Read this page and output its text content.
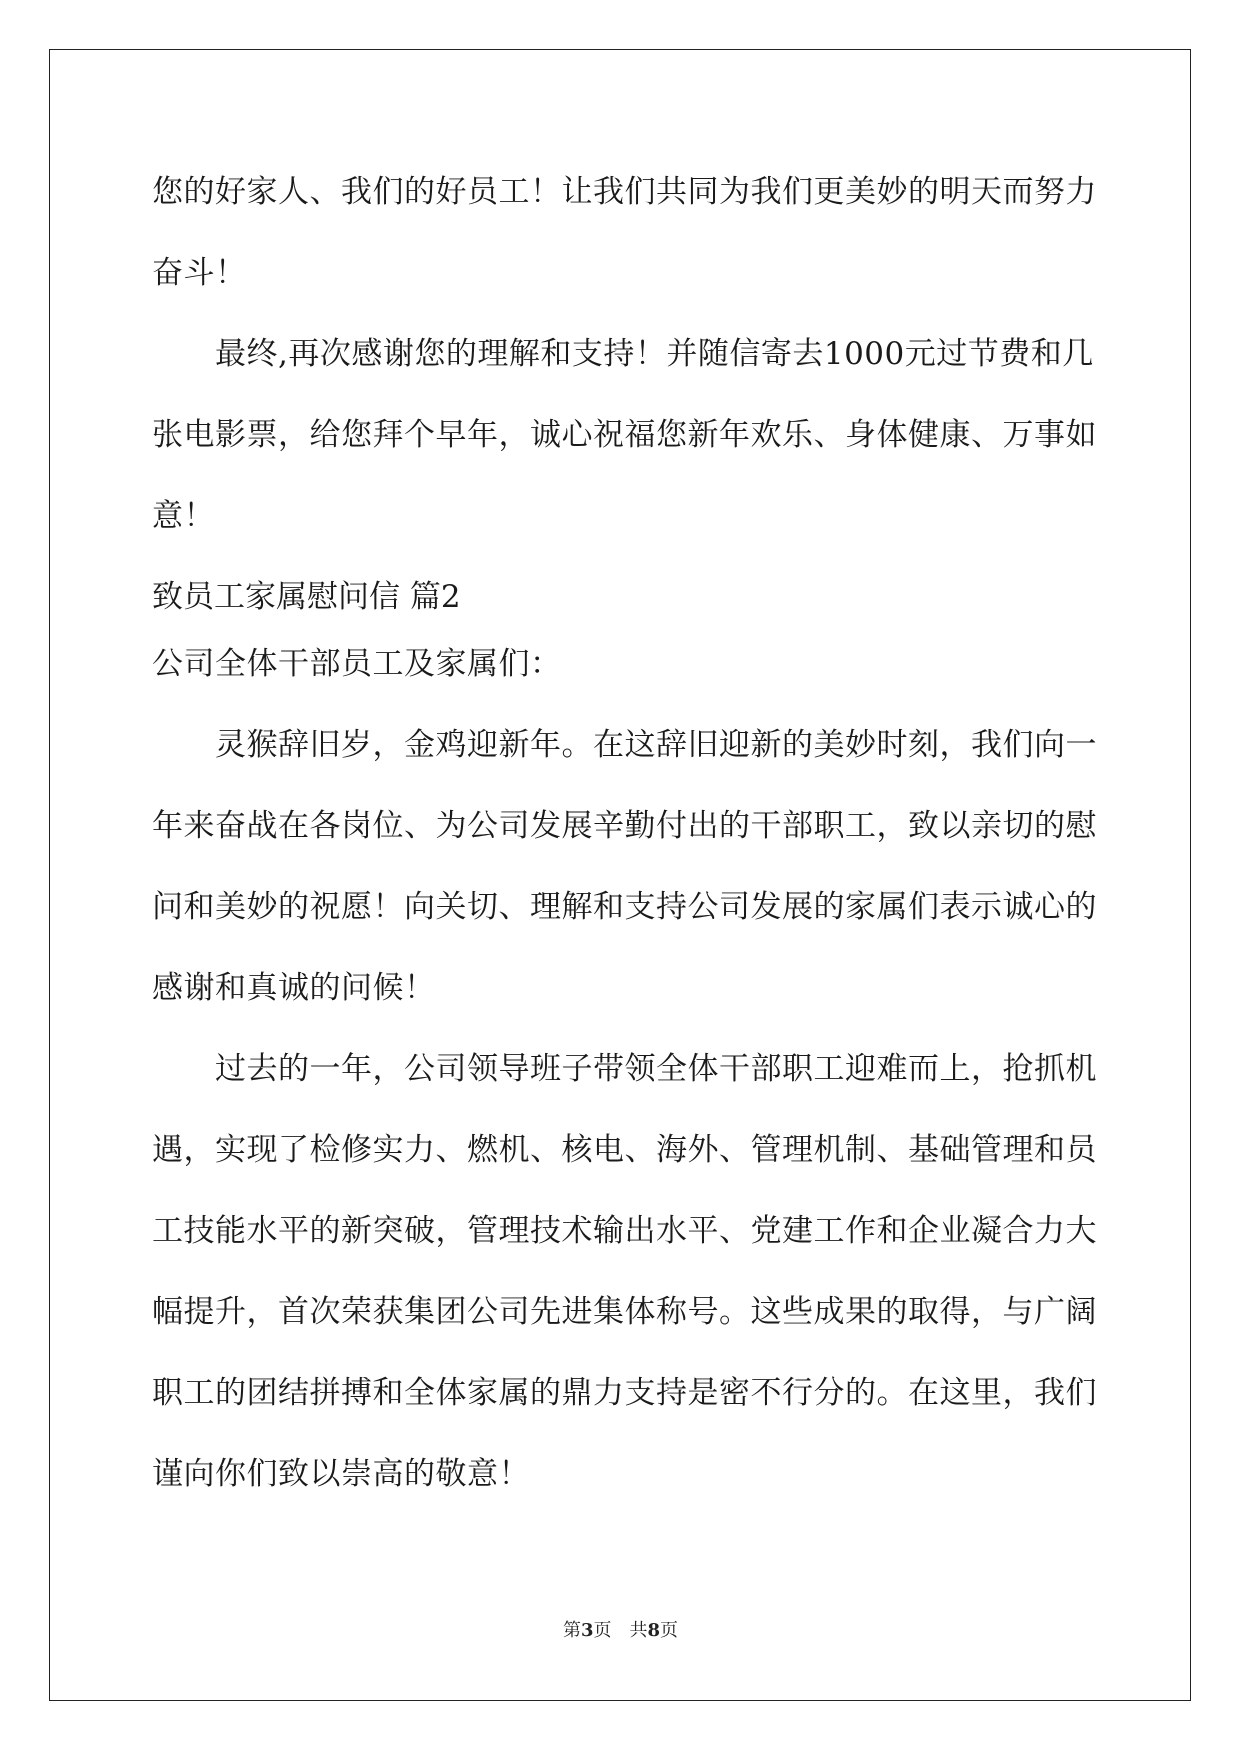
您的好家人、我们的好员工！让我们共同为我们更美妙的明天而努力
奋斗！
　　最终,再次感谢您的理解和支持！并随信寄去1000元过节费和几
张电影票，给您拜个早年，诚心祝福您新年欢乐、身体健康、万事如
意！
致员工家属慰问信 篇2
公司全体干部员工及家属们：
　　灵猴辞旧岁，金鸡迎新年。在这辞旧迎新的美妙时刻，我们向一
年来奋战在各岗位、为公司发展辛勤付出的干部职工，致以亲切的慰
问和美妙的祝愿！向关切、理解和支持公司发展的家属们表示诚心的
感谢和真诚的问候！
　　过去的一年，公司领导班子带领全体干部职工迎难而上，抢抓机
遇，实现了检修实力、燃机、核电、海外、管理机制、基础管理和员
工技能水平的新突破，管理技术输出水平、党建工作和企业凝合力大
幅提升，首次荣获集团公司先进集体称号。这些成果的取得，与广阔
职工的团结拼搏和全体家属的鼎力支持是密不行分的。在这里，我们
谨向你们致以崇高的敬意！
第3页　共8页
